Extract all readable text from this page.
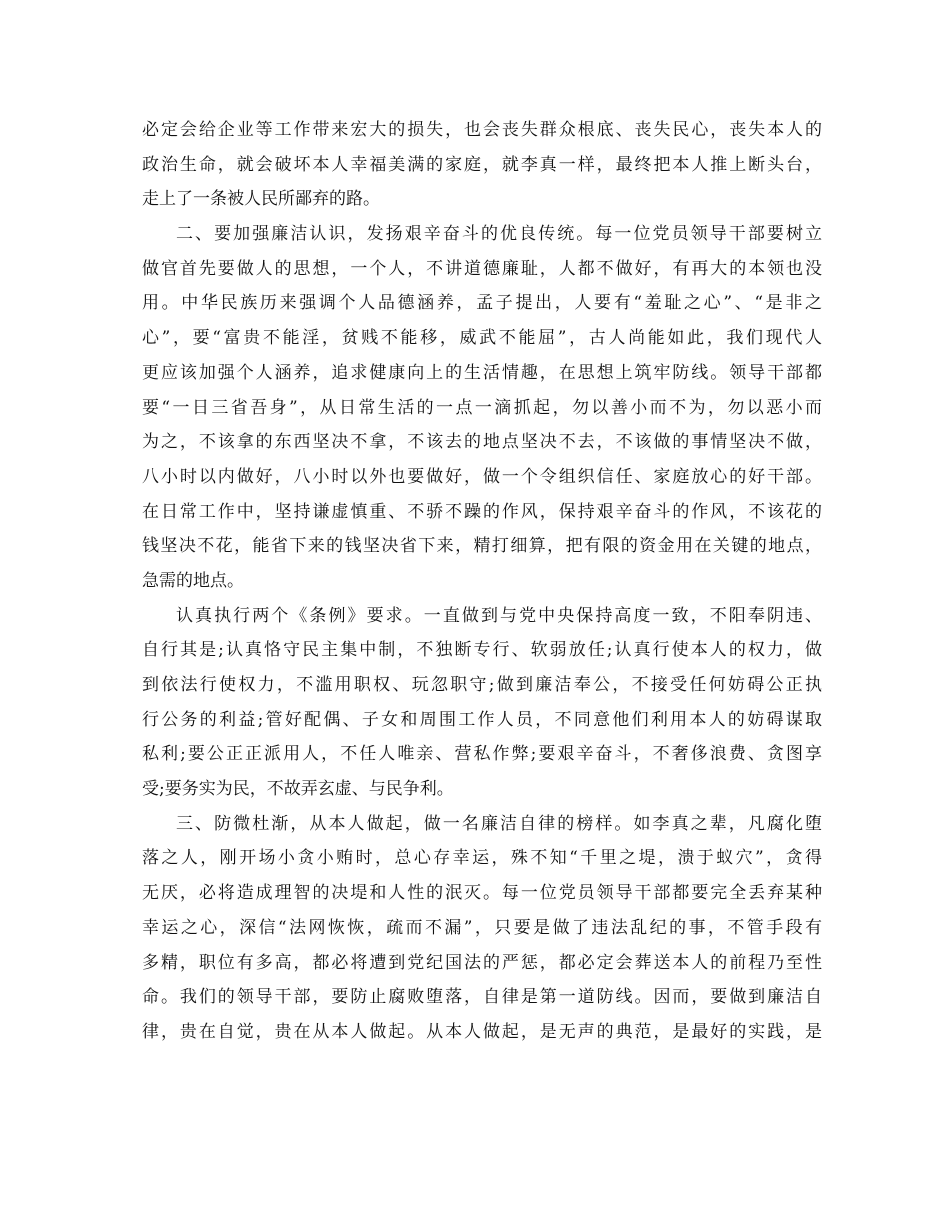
必定会给企业等工作带来宏大的损失，也会丧失群众根底、丧失民心，丧失本人的
政治生命，就会破坏本人幸福美满的家庭，就李真一样，最终把本人推上断头台，
走上了一条被人民所鄙弃的路。
二、要加强廉洁认识，发扬艰辛奋斗的优良传统。每一位党员领导干部要树立
做官首先要做人的思想，一个人，不讲道德廉耻，人都不做好，有再大的本领也没
用。中华民族历来强调个人品德涵养，孟子提出，人要有“羞耻之心”、“是非之
心”，要“富贵不能淫，贫贱不能移，威武不能屈”，古人尚能如此，我们现代人
更应该加强个人涵养，追求健康向上的生活情趣，在思想上筑牢防线。领导干部都
要“一日三省吾身”，从日常生活的一点一滴抓起，勿以善小而不为，勿以恶小而
为之，不该拿的东西坚决不拿，不该去的地点坚决不去，不该做的事情坚决不做，
八小时以内做好，八小时以外也要做好，做一个令组织信任、家庭放心的好干部。
在日常工作中，坚持谦虚慎重、不骄不躁的作风，保持艰辛奋斗的作风，不该花的
钱坚决不花，能省下来的钱坚决省下来，精打细算，把有限的资金用在关键的地点，
急需的地点。
认真执行两个《条例》要求。一直做到与党中央保持高度一致，不阳奉阴违、
自行其是;认真恪守民主集中制，不独断专行、软弱放任;认真行使本人的权力，做
到依法行使权力，不滥用职权、玩忽职守;做到廉洁奉公，不接受任何妨碍公正执
行公务的利益;管好配偶、子女和周围工作人员，不同意他们利用本人的妨碍谋取
私利;要公正正派用人，不任人唯亲、营私作弊;要艰辛奋斗，不奢侈浪费、贪图享
受;要务实为民，不故弄玄虚、与民争利。
三、防微杜渐，从本人做起，做一名廉洁自律的榜样。如李真之辈，凡腐化堕
落之人，刚开场小贪小贿时，总心存幸运，殊不知“千里之堤，溃于蚁穴”，贪得
无厌，必将造成理智的决堤和人性的泯灭。每一位党员领导干部都要完全丢弃某种
幸运之心，深信“法网恢恢，疏而不漏”，只要是做了违法乱纪的事，不管手段有
多精，职位有多高，都必将遭到党纪国法的严惩，都必定会葬送本人的前程乃至性
命。我们的领导干部，要防止腐败堕落，自律是第一道防线。因而，要做到廉洁自
律，贵在自觉，贵在从本人做起。从本人做起，是无声的典范，是最好的实践，是
